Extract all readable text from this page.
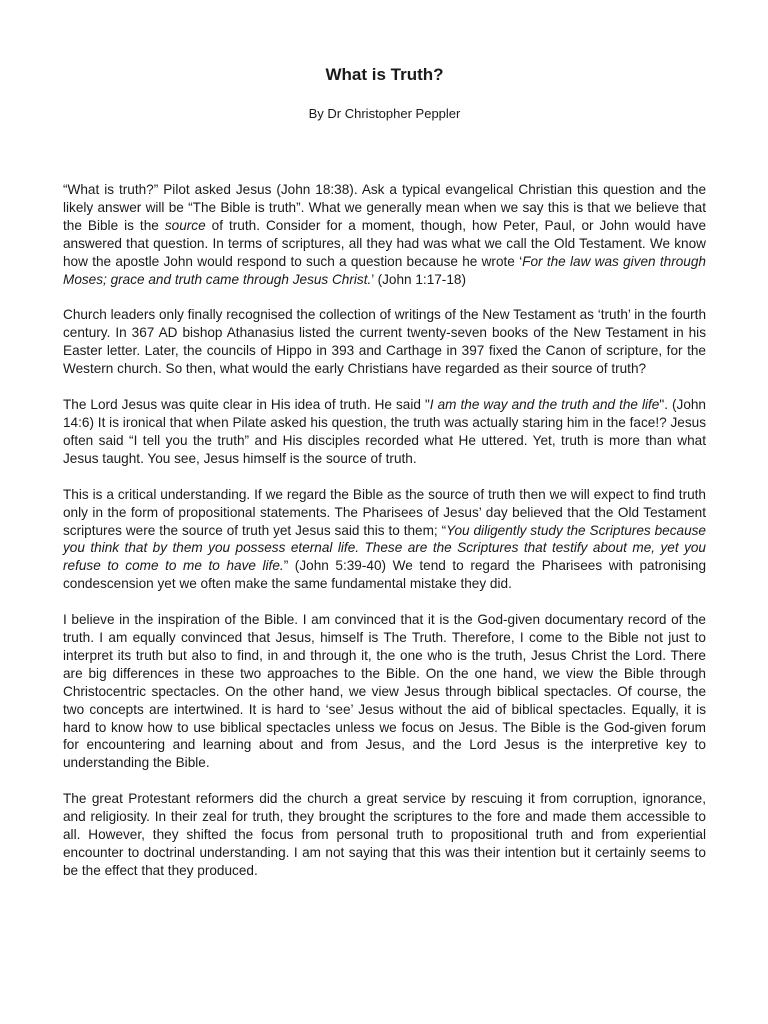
What is Truth?

By Dr Christopher Peppler

“What is truth?” Pilot asked Jesus (John 18:38). Ask a typical evangelical Christian this question and the likely answer will be “The Bible is truth”. What we generally mean when we say this is that we believe that the Bible is the source of truth. Consider for a moment, though, how Peter, Paul, or John would have answered that question. In terms of scriptures, all they had was what we call the Old Testament. We know how the apostle John would respond to such a question because he wrote ‘For the law was given through Moses; grace and truth came through Jesus Christ.’ (John 1:17-18)

Church leaders only finally recognised the collection of writings of the New Testament as ‘truth’ in the fourth century. In 367 AD bishop Athanasius listed the current twenty-seven books of the New Testament in his Easter letter. Later, the councils of Hippo in 393 and Carthage in 397 fixed the Canon of scripture, for the Western church. So then, what would the early Christians have regarded as their source of truth?

The Lord Jesus was quite clear in His idea of truth. He said "I am the way and the truth and the life". (John 14:6) It is ironical that when Pilate asked his question, the truth was actually staring him in the face!? Jesus often said “I tell you the truth” and His disciples recorded what He uttered. Yet, truth is more than what Jesus taught. You see, Jesus himself is the source of truth.

This is a critical understanding. If we regard the Bible as the source of truth then we will expect to find truth only in the form of propositional statements. The Pharisees of Jesus’ day believed that the Old Testament scriptures were the source of truth yet Jesus said this to them; “You diligently study the Scriptures because you think that by them you possess eternal life. These are the Scriptures that testify about me, yet you refuse to come to me to have life.” (John 5:39-40) We tend to regard the Pharisees with patronising condescension yet we often make the same fundamental mistake they did.

I believe in the inspiration of the Bible. I am convinced that it is the God-given documentary record of the truth. I am equally convinced that Jesus, himself is The Truth. Therefore, I come to the Bible not just to interpret its truth but also to find, in and through it, the one who is the truth, Jesus Christ the Lord. There are big differences in these two approaches to the Bible. On the one hand, we view the Bible through Christocentric spectacles. On the other hand, we view Jesus through biblical spectacles. Of course, the two concepts are intertwined. It is hard to ‘see’ Jesus without the aid of biblical spectacles. Equally, it is hard to know how to use biblical spectacles unless we focus on Jesus. The Bible is the God-given forum for encountering and learning about and from Jesus, and the Lord Jesus is the interpretive key to understanding the Bible.

The great Protestant reformers did the church a great service by rescuing it from corruption, ignorance, and religiosity. In their zeal for truth, they brought the scriptures to the fore and made them accessible to all. However, they shifted the focus from personal truth to propositional truth and from experiential encounter to doctrinal understanding. I am not saying that this was their intention but it certainly seems to be the effect that they produced.
